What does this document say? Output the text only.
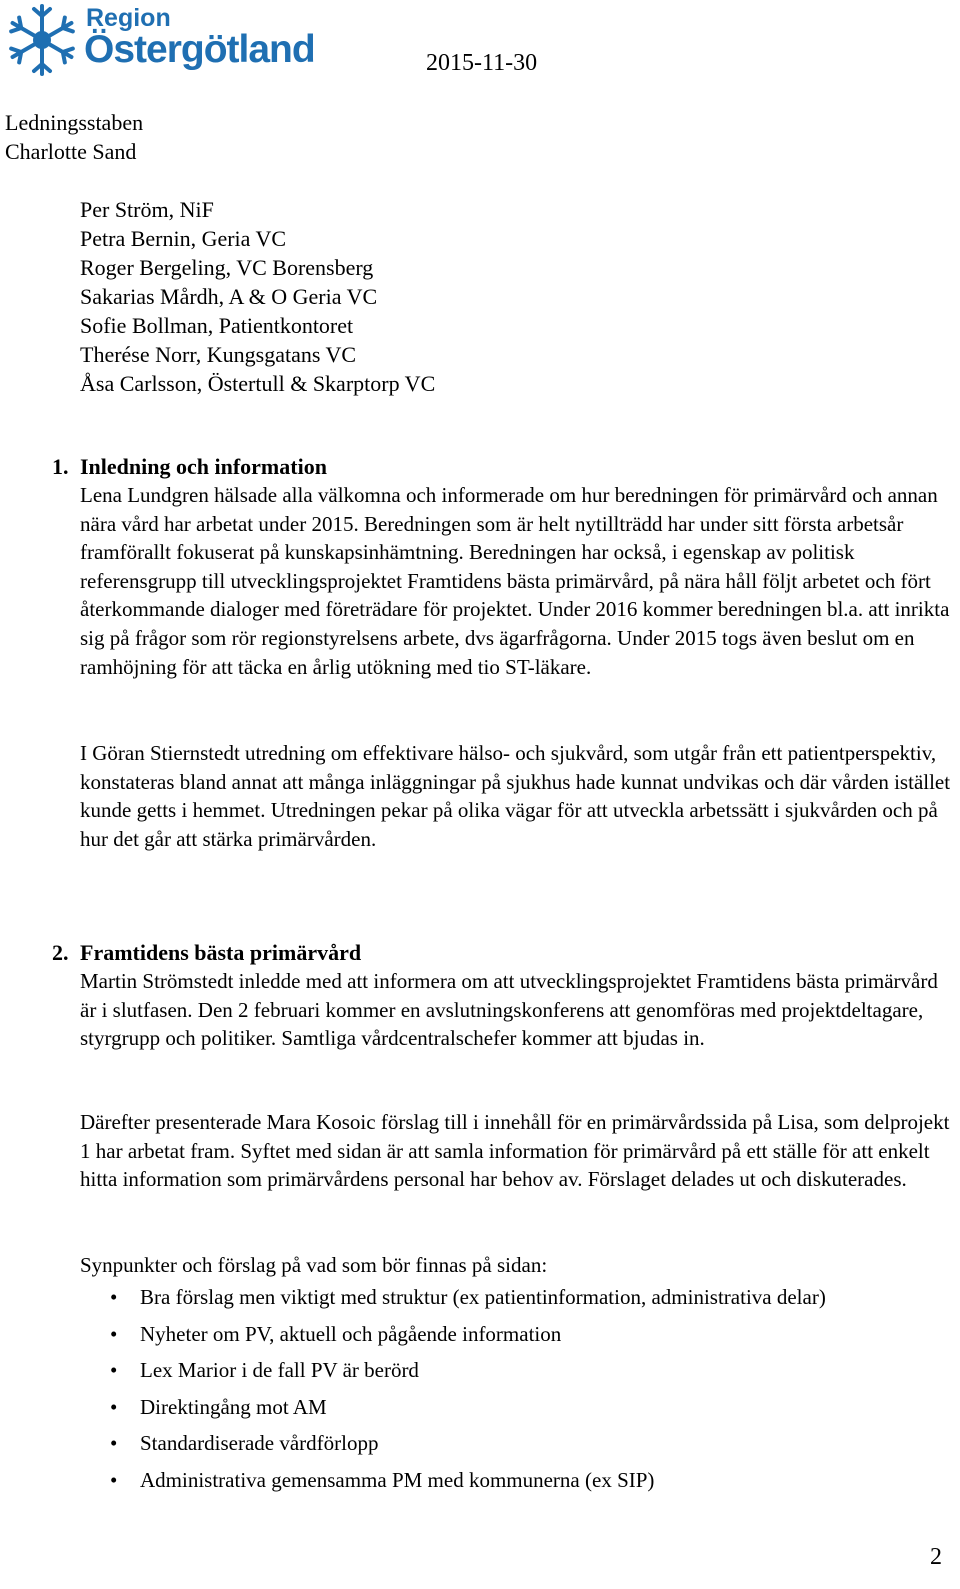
Region
Östergötland	2015-11-30
Ledningsstaben
Charlotte Sand
Per Ström, NiF
Petra Bernin, Geria VC
Roger Bergeling, VC Borensberg
Sakarias Mårdh, A & O Geria VC
Sofie Bollman, Patientkontoret
Therése Norr, Kungsgatans VC
Åsa Carlsson, Östertull & Skarptorp VC
1. Inledning och information
Lena Lundgren hälsade alla välkomna och informerade om hur beredningen för primärvård och annan nära vård har arbetat under 2015. Beredningen som är helt nytillträdd har under sitt första arbetsår framförallt fokuserat på kunskapsinhämtning. Beredningen har också, i egenskap av politisk referensgrupp till utvecklingsprojektet Framtidens bästa primärvård, på nära håll följt arbetet och fört återkommande dialoger med företrädare för projektet. Under 2016 kommer beredningen bl.a. att inrikta sig på frågor som rör regionstyrelsens arbete, dvs ägarfrågorna. Under 2015 togs även beslut om en ramhöjning för att täcka en årlig utökning med tio ST-läkare.
I Göran Stiernstedt utredning om effektivare hälso- och sjukvård, som utgår från ett patientperspektiv, konstateras bland annat att många inläggningar på sjukhus hade kunnat undvikas och där vården istället kunde getts i hemmet. Utredningen pekar på olika vägar för att utveckla arbetssätt i sjukvården och på hur det går att stärka primärvården.
2. Framtidens bästa primärvård
Martin Strömstedt inledde med att informera om att utvecklingsprojektet Framtidens bästa primärvård är i slutfasen. Den 2 februari kommer en avslutningskonferens att genomföras med projektdeltagare, styrgrupp och politiker. Samtliga vårdcentralschefer kommer att bjudas in.
Därefter presenterade Mara Kosoic förslag till i innehåll för en primärvårdssida på Lisa, som delprojekt 1 har arbetat fram. Syftet med sidan är att samla information för primärvård på ett ställe för att enkelt hitta information som primärvårdens personal har behov av. Förslaget delades ut och diskuterades.
Synpunkter och förslag på vad som bör finnas på sidan:
• Bra förslag men viktigt med struktur (ex patientinformation, administrativa delar)
• Nyheter om PV, aktuell och pågående information
• Lex Marior i de fall PV är berörd
• Direktingång mot AM
• Standardiserade vårdförlopp
• Administrativa gemensamma PM med kommunerna (ex SIP)
2
